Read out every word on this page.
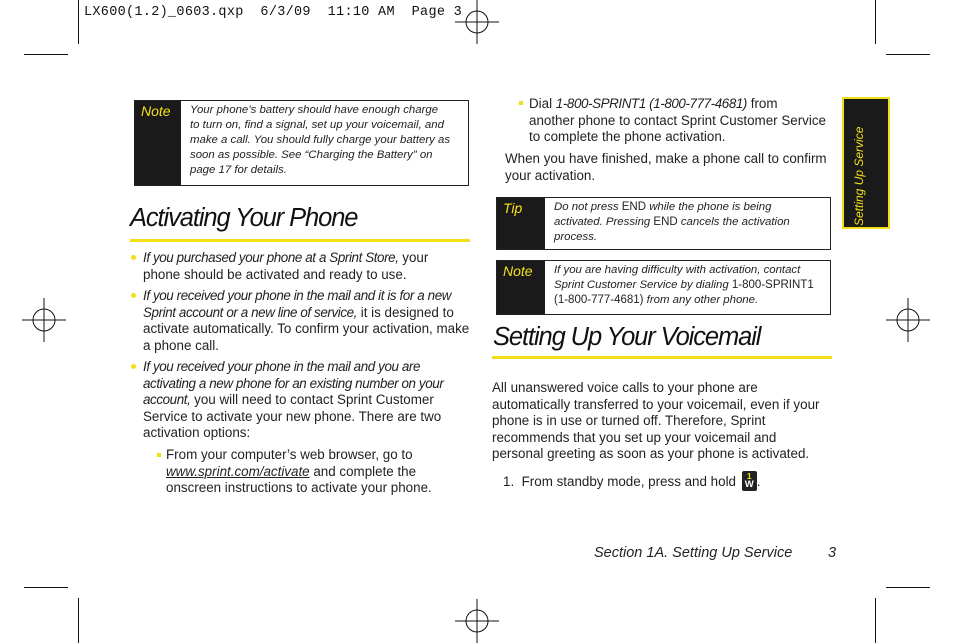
LX600(1.2)_0603.qxp  6/3/09  11:10 AM  Page 3
Note	Your phone’s battery should have enough charge
to turn on, find a signal, set up your voicemail, and
make a call. You should fully charge your battery as
soon as possible. See “Charging the Battery” on
page 17 for details.
Activating Your Phone
If you purchased your phone at a Sprint Store, your
phone should be activated and ready to use.
If you received your phone in the mail and it is for a new
Sprint account or a new line of service, it is designed to
activate automatically. To confirm your activation, make
a phone call.
If you received your phone in the mail and you are
activating a new phone for an existing number on your
account, you will need to contact Sprint Customer
Service to activate your new phone. There are two
activation options:
From your computer’s web browser, go to
www.sprint.com/activate and complete the
onscreen instructions to activate your phone.
Dial 1-800-SPRINT1 (1-800-777-4681) from
another phone to contact Sprint Customer Service
to complete the phone activation.
When you have finished, make a phone call to confirm
your activation.
Tip	Do not press END while the phone is being
activated. Pressing END cancels the activation
process.
Note	If you are having difficulty with activation, contact
Sprint Customer Service by dialing 1-800-SPRINT1
(1-800-777-4681) from any other phone.
Setting Up Your Voicemail
All unanswered voice calls to your phone are
automatically transferred to your voicemail, even if your
phone is in use or turned off. Therefore, Sprint
recommends that you set up your voicemail and
personal greeting as soon as your phone is activated.
1. From standby mode, press and hold 1
W .
Setting Up Service
Section 1A. Setting Up Service 3
